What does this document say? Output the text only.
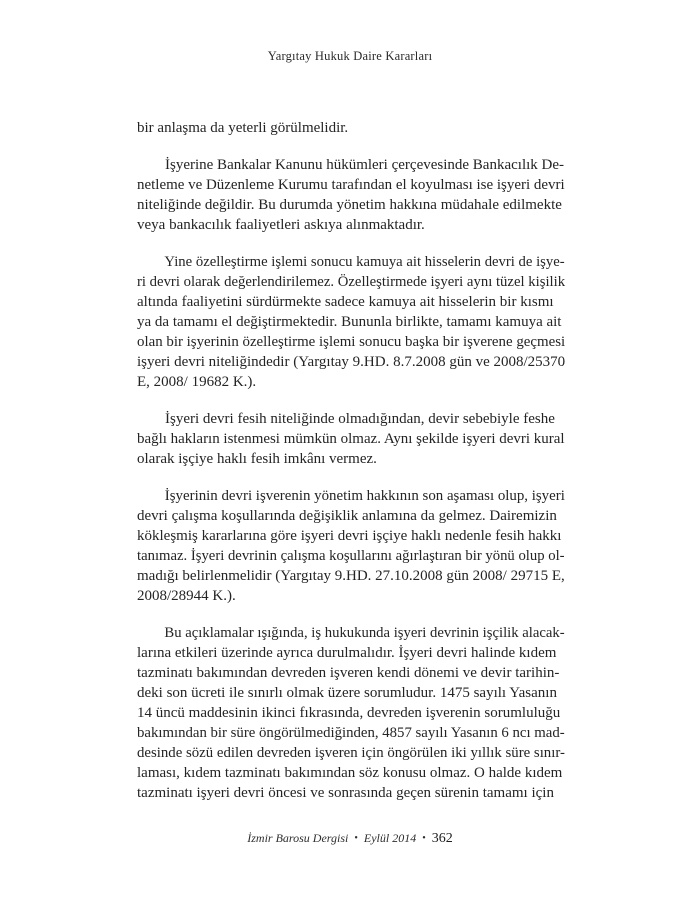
Yargıtay Hukuk Daire Kararları
bir anlaşma da yeterli görülmelidir.
İşyerine Bankalar Kanunu hükümleri çerçevesinde Bankacılık De-
netleme ve Düzenleme Kurumu tarafından el koyulması ise işyeri devri
niteliğinde değildir. Bu durumda yönetim hakkına müdahale edilmekte
veya bankacılık faaliyetleri askıya alınmaktadır.
Yine özelleştirme işlemi sonucu kamuya ait hisselerin devri de işye-
ri devri olarak değerlendirilemez. Özelleştirmede işyeri aynı tüzel kişilik
altında faaliyetini sürdürmekte sadece kamuya ait hisselerin bir kısmı
ya da tamamı el değiştirmektedir. Bununla birlikte, tamamı kamuya ait
olan bir işyerinin özelleştirme işlemi sonucu başka bir işverene geçmesi
işyeri devri niteliğindedir (Yargıtay 9.HD. 8.7.2008 gün ve 2008/25370
E, 2008/ 19682 K.).
İşyeri devri fesih niteliğinde olmadığından, devir sebebiyle feshe
bağlı hakların istenmesi mümkün olmaz. Aynı şekilde işyeri devri kural
olarak işçiye haklı fesih imkânı vermez.
İşyerinin devri işverenin yönetim hakkının son aşaması olup, işyeri
devri çalışma koşullarında değişiklik anlamına da gelmez. Dairemizin
kökleşmiş kararlarına göre işyeri devri işçiye haklı nedenle fesih hakkı
tanımaz. İşyeri devrinin çalışma koşullarını ağırlaştıran bir yönü olup ol-
madığı belirlenmelidir (Yargıtay 9.HD. 27.10.2008 gün 2008/ 29715 E,
2008/28944 K.).
Bu açıklamalar ışığında, iş hukukunda işyeri devrinin işçilik alacak-
larına etkileri üzerinde ayrıca durulmalıdır. İşyeri devri halinde kıdem
tazminatı bakımından devreden işveren kendi dönemi ve devir tarihin-
deki son ücreti ile sınırlı olmak üzere sorumludur. 1475 sayılı Yasanın
14 üncü maddesinin ikinci fıkrasında, devreden işverenin sorumluluğu
bakımından bir süre öngörülmediğinden, 4857 sayılı Yasanın 6 ncı mad-
desinde sözü edilen devreden işveren için öngörülen iki yıllık süre sınır-
laması, kıdem tazminatı bakımından söz konusu olmaz. O halde kıdem
tazminatı işyeri devri öncesi ve sonrasında geçen sürenin tamamı için
İzmir Barosu Dergisi • Eylül 2014 • 362
